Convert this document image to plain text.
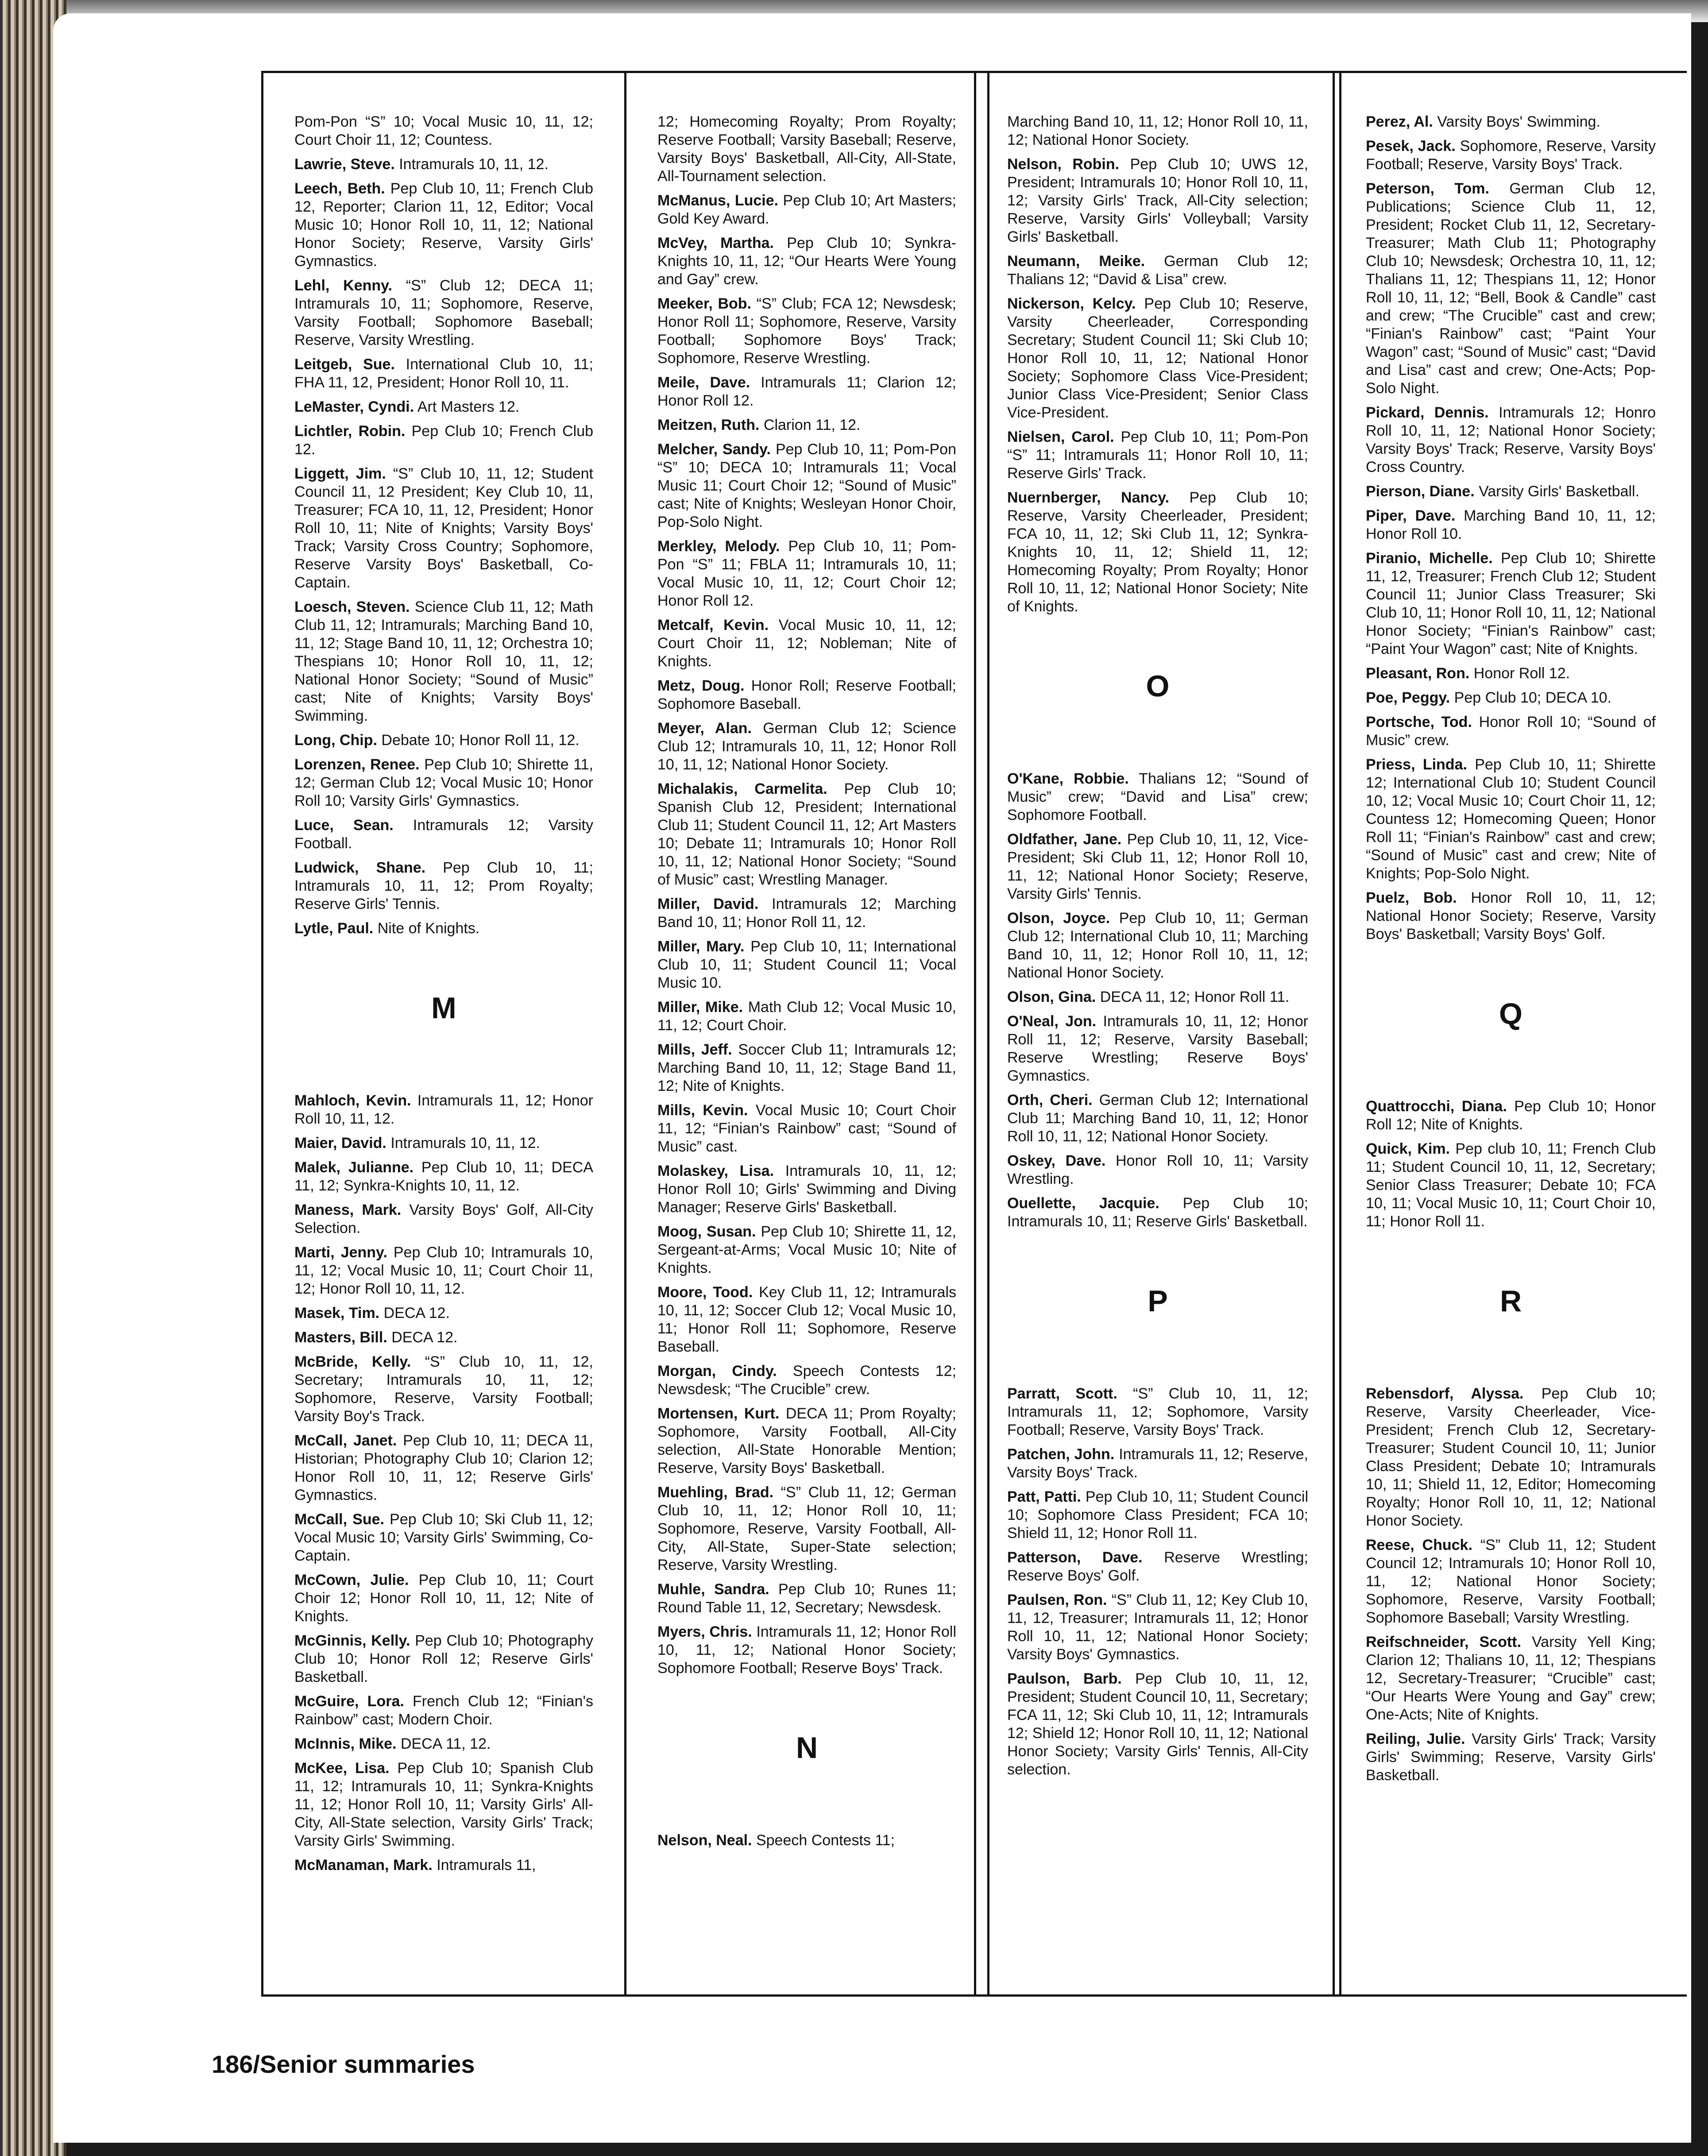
Pom-Pon “S” 10; Vocal Music 10, 11, 12; Court Choir 11, 12; Countess.

Lawrie, Steve. Intramurals 10, 11, 12.

Leech, Beth. Pep Club 10, 11; French Club 12, Reporter; Clarion 11, 12, Editor; Vocal Music 10; Honor Roll 10, 11, 12; National Honor Society; Reserve, Varsity Girls' Gymnastics.

Lehl, Kenny. “S” Club 12; DECA 11; Intramurals 10, 11; Sophomore, Reserve, Varsity Football; Sophomore Baseball; Reserve, Varsity Wrestling.

Leitgeb, Sue. International Club 10, 11; FHA 11, 12, President; Honor Roll 10, 11.

LeMaster, Cyndi. Art Masters 12.

Lichtler, Robin. Pep Club 10; French Club 12.

Liggett, Jim. “S” Club 10, 11, 12; Student Council 11, 12 President; Key Club 10, 11, Treasurer; FCA 10, 11, 12, President; Honor Roll 10, 11; Nite of Knights; Varsity Boys' Track; Varsity Cross Country; Sophomore, Reserve Varsity Boys' Basketball, Co-Captain.

Loesch, Steven. Science Club 11, 12; Math Club 11, 12; Intramurals; Marching Band 10, 11, 12; Stage Band 10, 11, 12; Orchestra 10; Thespians 10; Honor Roll 10, 11, 12; National Honor Society; “Sound of Music” cast; Nite of Knights; Varsity Boys' Swimming.

Long, Chip. Debate 10; Honor Roll 11, 12.

Lorenzen, Renee. Pep Club 10; Shirette 11, 12; German Club 12; Vocal Music 10; Honor Roll 10; Varsity Girls' Gymnastics.

Luce, Sean. Intramurals 12; Varsity Football.

Ludwick, Shane. Pep Club 10, 11; Intramurals 10, 11, 12; Prom Royalty; Reserve Girls' Tennis.

Lytle, Paul. Nite of Knights.

M

Mahloch, Kevin. Intramurals 11, 12; Honor Roll 10, 11, 12.

Maier, David. Intramurals 10, 11, 12.

Malek, Julianne. Pep Club 10, 11; DECA 11, 12; Synkra-Knights 10, 11, 12.

Maness, Mark. Varsity Boys' Golf, All-City Selection.

Marti, Jenny. Pep Club 10; Intramurals 10, 11, 12; Vocal Music 10, 11; Court Choir 11, 12; Honor Roll 10, 11, 12.

Masek, Tim. DECA 12.

Masters, Bill. DECA 12.

McBride, Kelly. “S” Club 10, 11, 12, Secretary; Intramurals 10, 11, 12; Sophomore, Reserve, Varsity Football; Varsity Boy's Track.

McCall, Janet. Pep Club 10, 11; DECA 11, Historian; Photography Club 10; Clarion 12; Honor Roll 10, 11, 12; Reserve Girls' Gymnastics.

McCall, Sue. Pep Club 10; Ski Club 11, 12; Vocal Music 10; Varsity Girls' Swimming, Co-Captain.

McCown, Julie. Pep Club 10, 11; Court Choir 12; Honor Roll 10, 11, 12; Nite of Knights.

McGinnis, Kelly. Pep Club 10; Photography Club 10; Honor Roll 12; Reserve Girls' Basketball.

McGuire, Lora. French Club 12; “Finian's Rainbow” cast; Modern Choir.

McInnis, Mike. DECA 11, 12.

McKee, Lisa. Pep Club 10; Spanish Club 11, 12; Intramurals 10, 11; Synkra-Knights 11, 12; Honor Roll 10, 11; Varsity Girls' All-City, All-State selection, Varsity Girls' Track; Varsity Girls' Swimming.

McManaman, Mark. Intramurals 11,

12; Homecoming Royalty; Prom Royalty; Reserve Football; Varsity Baseball; Reserve, Varsity Boys' Basketball, All-City, All-State, All-Tournament selection.

McManus, Lucie. Pep Club 10; Art Masters; Gold Key Award.

McVey, Martha. Pep Club 10; Synkra-Knights 10, 11, 12; “Our Hearts Were Young and Gay” crew.

Meeker, Bob. “S” Club; FCA 12; Newsdesk; Honor Roll 11; Sophomore, Reserve, Varsity Football; Sophomore Boys' Track; Sophomore, Reserve Wrestling.

Meile, Dave. Intramurals 11; Clarion 12; Honor Roll 12.

Meitzen, Ruth. Clarion 11, 12.

Melcher, Sandy. Pep Club 10, 11; Pom-Pon “S” 10; DECA 10; Intramurals 11; Vocal Music 11; Court Choir 12; “Sound of Music” cast; Nite of Knights; Wesleyan Honor Choir, Pop-Solo Night.

Merkley, Melody. Pep Club 10, 11; Pom-Pon “S” 11; FBLA 11; Intramurals 10, 11; Vocal Music 10, 11, 12; Court Choir 12; Honor Roll 12.

Metcalf, Kevin. Vocal Music 10, 11, 12; Court Choir 11, 12; Nobleman; Nite of Knights.

Metz, Doug. Honor Roll; Reserve Football; Sophomore Baseball.

Meyer, Alan. German Club 12; Science Club 12; Intramurals 10, 11, 12; Honor Roll 10, 11, 12; National Honor Society.

Michalakis, Carmelita. Pep Club 10; Spanish Club 12, President; International Club 11; Student Council 11, 12; Art Masters 10; Debate 11; Intramurals 10; Honor Roll 10, 11, 12; National Honor Society; “Sound of Music” cast; Wrestling Manager.

Miller, David. Intramurals 12; Marching Band 10, 11; Honor Roll 11, 12.

Miller, Mary. Pep Club 10, 11; International Club 10, 11; Student Council 11; Vocal Music 10.

Miller, Mike. Math Club 12; Vocal Music 10, 11, 12; Court Choir.

Mills, Jeff. Soccer Club 11; Intramurals 12; Marching Band 10, 11, 12; Stage Band 11, 12; Nite of Knights.

Mills, Kevin. Vocal Music 10; Court Choir 11, 12; “Finian's Rainbow” cast; “Sound of Music” cast.

Molaskey, Lisa. Intramurals 10, 11, 12; Honor Roll 10; Girls' Swimming and Diving Manager; Reserve Girls' Basketball.

Moog, Susan. Pep Club 10; Shirette 11, 12, Sergeant-at-Arms; Vocal Music 10; Nite of Knights.

Moore, Tood. Key Club 11, 12; Intramurals 10, 11, 12; Soccer Club 12; Vocal Music 10, 11; Honor Roll 11; Sophomore, Reserve Baseball.

Morgan, Cindy. Speech Contests 12; Newsdesk; “The Crucible” crew.

Mortensen, Kurt. DECA 11; Prom Royalty; Sophomore, Varsity Football, All-City selection, All-State Honorable Mention; Reserve, Varsity Boys' Basketball.

Muehling, Brad. “S” Club 11, 12; German Club 10, 11, 12; Honor Roll 10, 11; Sophomore, Reserve, Varsity Football, All-City, All-State, Super-State selection; Reserve, Varsity Wrestling.

Muhle, Sandra. Pep Club 10; Runes 11; Round Table 11, 12, Secretary; Newsdesk.

Myers, Chris. Intramurals 11, 12; Honor Roll 10, 11, 12; National Honor Society; Sophomore Football; Reserve Boys' Track.

N

Nelson, Neal. Speech Contests 11;

Marching Band 10, 11, 12; Honor Roll 10, 11, 12; National Honor Society.

Nelson, Robin. Pep Club 10; UWS 12, President; Intramurals 10; Honor Roll 10, 11, 12; Varsity Girls' Track, All-City selection; Reserve, Varsity Girls' Volleyball; Varsity Girls' Basketball.

Neumann, Meike. German Club 12; Thalians 12; “David & Lisa” crew.

Nickerson, Kelcy. Pep Club 10; Reserve, Varsity Cheerleader, Corresponding Secretary; Student Council 11; Ski Club 10; Honor Roll 10, 11, 12; National Honor Society; Sophomore Class Vice-President; Junior Class Vice-President; Senior Class Vice-President.

Nielsen, Carol. Pep Club 10, 11; Pom-Pon “S” 11; Intramurals 11; Honor Roll 10, 11; Reserve Girls' Track.

Nuernberger, Nancy. Pep Club 10; Reserve, Varsity Cheerleader, President; FCA 10, 11, 12; Ski Club 11, 12; Synkra-Knights 10, 11, 12; Shield 11, 12; Homecoming Royalty; Prom Royalty; Honor Roll 10, 11, 12; National Honor Society; Nite of Knights.

O

O'Kane, Robbie. Thalians 12; “Sound of Music” crew; “David and Lisa” crew; Sophomore Football.

Oldfather, Jane. Pep Club 10, 11, 12, Vice-President; Ski Club 11, 12; Honor Roll 10, 11, 12; National Honor Society; Reserve, Varsity Girls' Tennis.

Olson, Joyce. Pep Club 10, 11; German Club 12; International Club 10, 11; Marching Band 10, 11, 12; Honor Roll 10, 11, 12; National Honor Society.

Olson, Gina. DECA 11, 12; Honor Roll 11.

O'Neal, Jon. Intramurals 10, 11, 12; Honor Roll 11, 12; Reserve, Varsity Baseball; Reserve Wrestling; Reserve Boys' Gymnastics.

Orth, Cheri. German Club 12; International Club 11; Marching Band 10, 11, 12; Honor Roll 10, 11, 12; National Honor Society.

Oskey, Dave. Honor Roll 10, 11; Varsity Wrestling.

Ouellette, Jacquie. Pep Club 10; Intramurals 10, 11; Reserve Girls' Basketball.

P

Parratt, Scott. “S” Club 10, 11, 12; Intramurals 11, 12; Sophomore, Varsity Football; Reserve, Varsity Boys' Track.

Patchen, John. Intramurals 11, 12; Reserve, Varsity Boys' Track.

Patt, Patti. Pep Club 10, 11; Student Council 10; Sophomore Class President; FCA 10; Shield 11, 12; Honor Roll 11.

Patterson, Dave. Reserve Wrestling; Reserve Boys' Golf.

Paulsen, Ron. “S” Club 11, 12; Key Club 10, 11, 12, Treasurer; Intramurals 11, 12; Honor Roll 10, 11, 12; National Honor Society; Varsity Boys' Gymnastics.

Paulson, Barb. Pep Club 10, 11, 12, President; Student Council 10, 11, Secretary; FCA 11, 12; Ski Club 10, 11, 12; Intramurals 12; Shield 12; Honor Roll 10, 11, 12; National Honor Society; Varsity Girls' Tennis, All-City selection.

Perez, Al. Varsity Boys' Swimming.

Pesek, Jack. Sophomore, Reserve, Varsity Football; Reserve, Varsity Boys' Track.

Peterson, Tom. German Club 12, Publications; Science Club 11, 12, President; Rocket Club 11, 12, Secretary-Treasurer; Math Club 11; Photography Club 10; Newsdesk; Orchestra 10, 11, 12; Thalians 11, 12; Thespians 11, 12; Honor Roll 10, 11, 12; “Bell, Book & Candle” cast and crew; “The Crucible” cast and crew; “Finian's Rainbow” cast; “Paint Your Wagon” cast; “Sound of Music” cast; “David and Lisa” cast and crew; One-Acts; Pop-Solo Night.

Pickard, Dennis. Intramurals 12; Honro Roll 10, 11, 12; National Honor Society; Varsity Boys' Track; Reserve, Varsity Boys' Cross Country.

Pierson, Diane. Varsity Girls' Basketball.

Piper, Dave. Marching Band 10, 11, 12; Honor Roll 10.

Piranio, Michelle. Pep Club 10; Shirette 11, 12, Treasurer; French Club 12; Student Council 11; Junior Class Treasurer; Ski Club 10, 11; Honor Roll 10, 11, 12; National Honor Society; “Finian's Rainbow” cast; “Paint Your Wagon” cast; Nite of Knights.

Pleasant, Ron. Honor Roll 12.

Poe, Peggy. Pep Club 10; DECA 10.

Portsche, Tod. Honor Roll 10; “Sound of Music” crew.

Priess, Linda. Pep Club 10, 11; Shirette 12; International Club 10; Student Council 10, 12; Vocal Music 10; Court Choir 11, 12; Countess 12; Homecoming Queen; Honor Roll 11; “Finian's Rainbow” cast and crew; “Sound of Music” cast and crew; Nite of Knights; Pop-Solo Night.

Puelz, Bob. Honor Roll 10, 11, 12; National Honor Society; Reserve, Varsity Boys' Basketball; Varsity Boys' Golf.

Q

Quattrocchi, Diana. Pep Club 10; Honor Roll 12; Nite of Knights.

Quick, Kim. Pep club 10, 11; French Club 11; Student Council 10, 11, 12, Secretary; Senior Class Treasurer; Debate 10; FCA 10, 11; Vocal Music 10, 11; Court Choir 10, 11; Honor Roll 11.

R

Rebensdorf, Alyssa. Pep Club 10; Reserve, Varsity Cheerleader, Vice-President; French Club 12, Secretary-Treasurer; Student Council 10, 11; Junior Class President; Debate 10; Intramurals 10, 11; Shield 11, 12, Editor; Homecoming Royalty; Honor Roll 10, 11, 12; National Honor Society.

Reese, Chuck. “S” Club 11, 12; Student Council 12; Intramurals 10; Honor Roll 10, 11, 12; National Honor Society; Sophomore, Reserve, Varsity Football; Sophomore Baseball; Varsity Wrestling.

Reifschneider, Scott. Varsity Yell King; Clarion 12; Thalians 10, 11, 12; Thespians 12, Secretary-Treasurer; “Crucible” cast; “Our Hearts Were Young and Gay” crew; One-Acts; Nite of Knights.

Reiling, Julie. Varsity Girls' Track; Varsity Girls' Swimming; Reserve, Varsity Girls' Basketball.

186/Senior summaries
